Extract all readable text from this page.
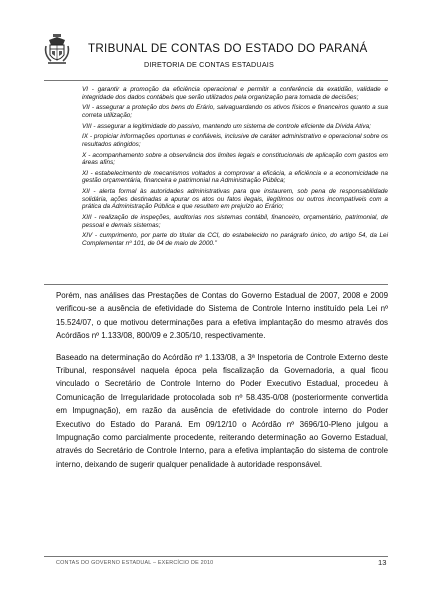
TRIBUNAL DE CONTAS DO ESTADO DO PARANÁ
DIRETORIA DE CONTAS ESTADUAIS

VI - garantir a promoção da eficiência operacional e permitir a conferência da exatidão, validade e integridade dos dados contábeis que serão utilizados pela organização para tomada de decisões;

VII - assegurar a proteção dos bens do Erário, salvaguardando os ativos físicos e financeiros quanto a sua correta utilização;

VIII - assegurar a legitimidade do passivo, mantendo um sistema de controle eficiente da Dívida Ativa;

IX - propiciar informações oportunas e confiáveis, inclusive de caráter administrativo e operacional sobre os resultados atingidos;

X - acompanhamento sobre a observância dos limites legais e constitucionais de aplicação com gastos em áreas afins;

XI - estabelecimento de mecanismos voltados a comprovar a eficácia, a eficiência e a economicidade na gestão orçamentária, financeira e patrimonial na Administração Pública;

XII - alerta formal às autoridades administrativas para que instaurem, sob pena de responsabilidade solidária, ações destinadas a apurar os atos ou fatos ilegais, ilegítimos ou outros incompatíveis com a prática da Administração Pública e que resultem em prejuízo ao Erário;

XIII - realização de inspeções, auditorias nos sistemas contábil, financeiro, orçamentário, patrimonial, de pessoal e demais sistemas;

XIV - cumprimento, por parte do titular da CCI, do estabelecido no parágrafo único, do artigo 54, da Lei Complementar nº 101, de 04 de maio de 2000.”

Porém, nas análises das Prestações de Contas do Governo Estadual de 2007, 2008 e 2009 verificou-se a ausência de efetividade do Sistema de Controle Interno instituído pela Lei nº 15.524/07, o que motivou determinações para a efetiva implantação do mesmo através dos Acórdãos nº 1.133/08, 800/09 e 2.305/10, respectivamente.

Baseado na determinação do Acórdão nº 1.133/08, a 3ª Inspetoria de Controle Externo deste Tribunal, responsável naquela época pela fiscalização da Governadoria, a qual ficou vinculado o Secretário de Controle Interno do Poder Executivo Estadual, procedeu à Comunicação de Irregularidade protocolada sob nº 58.435-0/08 (posteriormente convertida em Impugnação), em razão da ausência de efetividade do controle interno do Poder Executivo do Estado do Paraná. Em 09/12/10 o Acórdão nº 3696/10-Pleno julgou a Impugnação como parcialmente procedente, reiterando determinação ao Governo Estadual, através do Secretário de Controle Interno, para a efetiva implantação do sistema de controle interno, deixando de sugerir qualquer penalidade à autoridade responsável.

CONTAS DO GOVERNO ESTADUAL – EXERCÍCIO DE 2010	13
